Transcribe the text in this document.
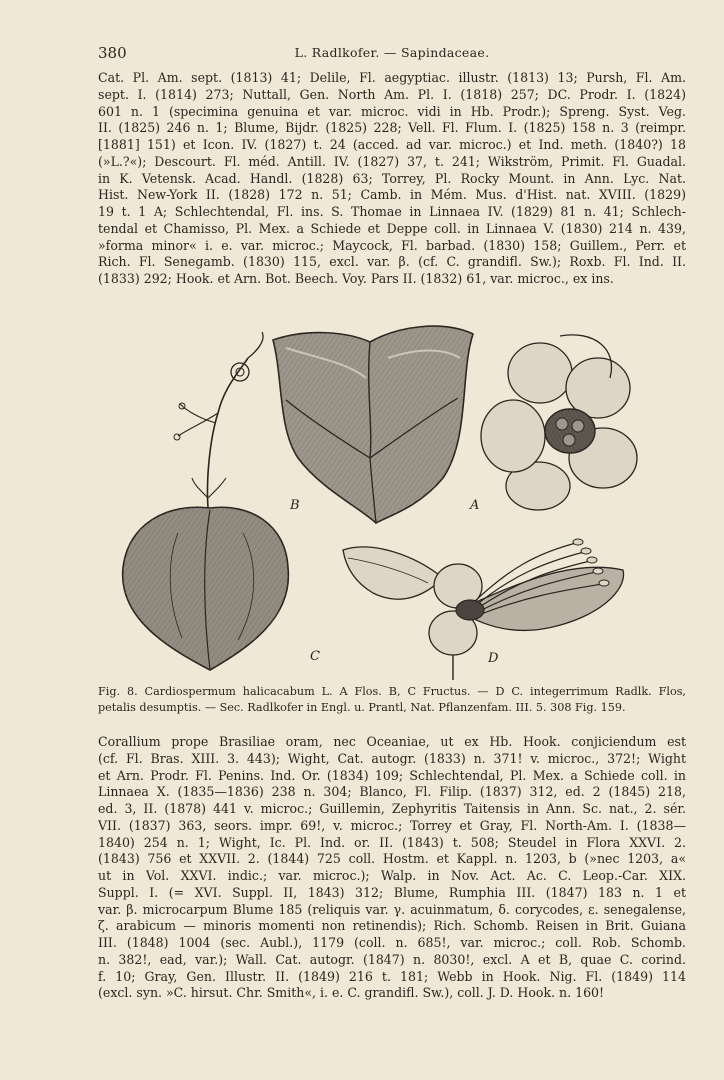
380	L. Radlkofer. — Sapindaceae.
Cat. Pl. Am. sept. (1813) 41; Delile, Fl. aegyptiac. illustr. (1813) 13; Pursh, Fl. Am.
sept. I. (1814) 273; Nuttall, Gen. North Am. Pl. I. (1818) 257; DC. Prodr. I. (1824)
601 n. 1 (specimina genuina et var. microc. vidi in Hb. Prodr.); Spreng. Syst. Veg.
II. (1825) 246 n. 1; Blume, Bijdr. (1825) 228; Vell. Fl. Flum. I. (1825) 158 n. 3 (reimpr.
[1881] 151) et Icon. IV. (1827) t. 24 (acced. ad var. microc.) et Ind. meth. (1840?) 18
(»L.?«); Descourt. Fl. méd. Antill. IV. (1827) 37, t. 241; Wikström, Primit. Fl. Guadal.
in K. Vetensk. Acad. Handl. (1828) 63; Torrey, Pl. Rocky Mount. in Ann. Lyc. Nat.
Hist. New-York II. (1828) 172 n. 51; Camb. in Mém. Mus. d'Hist. nat. XVIII. (1829)
19 t. 1 A; Schlechtendal, Fl. ins. S. Thomae in Linnaea IV. (1829) 81 n. 41; Schlech-
tendal et Chamisso, Pl. Mex. a Schiede et Deppe coll. in Linnaea V. (1830) 214 n. 439,
»forma minor« i. e. var. microc.; Maycock, Fl. barbad. (1830) 158; Guillem., Perr. et
Rich. Fl. Senegamb. (1830) 115, excl. var. β. (cf. C. grandifl. Sw.); Roxb. Fl. Ind. II.
(1833) 292; Hook. et Arn. Bot. Beech. Voy. Pars II. (1832) 61, var. microc., ex ins.
B	A
C	D
Fig. 8. Cardiospermum halicacabum L. A Flos. B, C Fructus. — D C. integerrimum Radlk. Flos,
petalis desumptis. — Sec. Radlkofer in Engl. u. Prantl, Nat. Pflanzenfam. III. 5. 308 Fig. 159.
Corallium prope Brasiliae oram, nec Oceaniae, ut ex Hb. Hook. conjiciendum est
(cf. Fl. Bras. XIII. 3. 443); Wight, Cat. autogr. (1833) n. 371! v. microc., 372!; Wight
et Arn. Prodr. Fl. Penins. Ind. Or. (1834) 109; Schlechtendal, Pl. Mex. a Schiede coll. in
Linnaea X. (1835—1836) 238 n. 304; Blanco, Fl. Filip. (1837) 312, ed. 2 (1845) 218,
ed. 3, II. (1878) 441 v. microc.; Guillemin, Zephyritis Taitensis in Ann. Sc. nat., 2. sér.
VII. (1837) 363, seors. impr. 69!, v. microc.; Torrey et Gray, Fl. North-Am. I. (1838—
1840) 254 n. 1; Wight, Ic. Pl. Ind. or. II. (1843) t. 508; Steudel in Flora XXVI. 2.
(1843) 756 et XXVII. 2. (1844) 725 coll. Hostm. et Kappl. n. 1203, b (»nec 1203, a«
ut in Vol. XXVI. indic.; var. microc.); Walp. in Nov. Act. Ac. C. Leop.-Car. XIX.
Suppl. I. (= XVI. Suppl. II, 1843) 312; Blume, Rumphia III. (1847) 183 n. 1 et
var. β. microcarpum Blume 185 (reliquis var. γ. acuinmatum, δ. corycodes, ε. senegalense,
ζ. arabicum — minoris momenti non retinendis); Rich. Schomb. Reisen in Brit. Guiana
III. (1848) 1004 (sec. Aubl.), 1179 (coll. n. 685!, var. microc.; coll. Rob. Schomb.
n. 382!, ead, var.); Wall. Cat. autogr. (1847) n. 8030!, excl. A et B, quae C. corind.
f. 10; Gray, Gen. Illustr. II. (1849) 216 t. 181; Webb in Hook. Nig. Fl. (1849) 114
(excl. syn. »C. hirsut. Chr. Smith«, i. e. C. grandifl. Sw.), coll. J. D. Hook. n. 160!
